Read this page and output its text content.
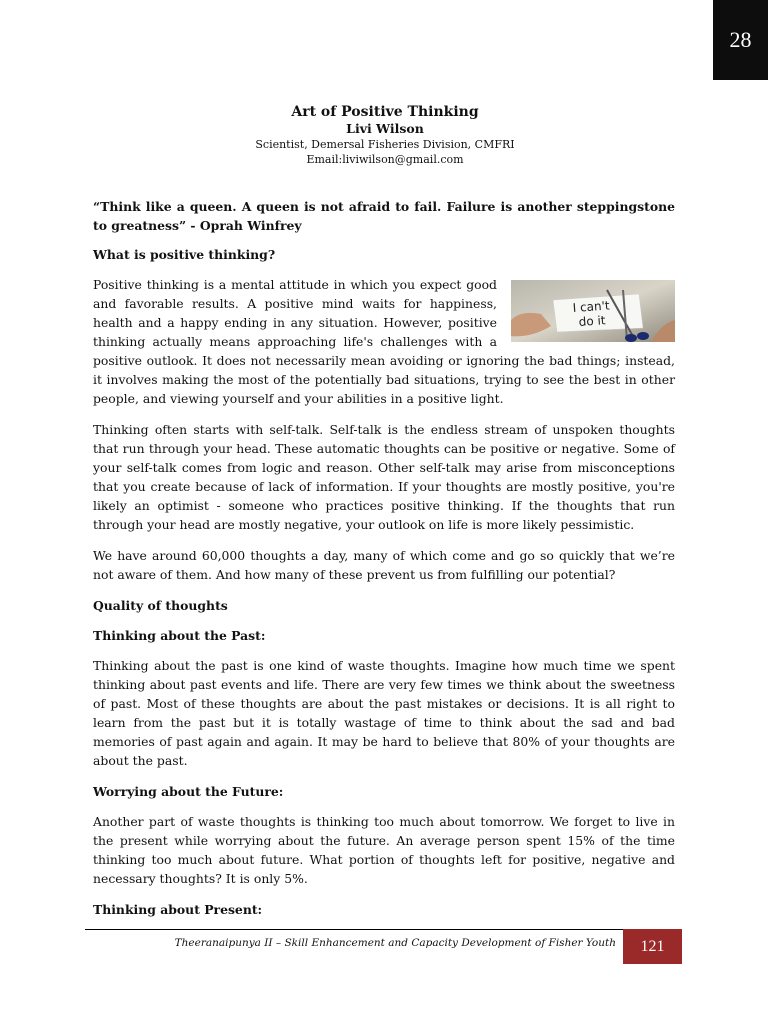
28
Art of Positive Thinking
Livi Wilson
Scientist, Demersal Fisheries Division, CMFRI
Email:liviwilson@gmail.com

“Think like a queen. A queen is not afraid to fail. Failure is another steppingstone to greatness” - Oprah Winfrey

What is positive thinking?

I can't
do it

Positive thinking is a mental attitude in which you expect good and favorable results. A positive mind waits for happiness, health and a happy ending in any situation. However, positive thinking actually means approaching life's challenges with a positive outlook. It does not necessarily mean avoiding or ignoring the bad things; instead, it involves making the most of the potentially bad situations, trying to see the best in other people, and viewing yourself and your abilities in a positive light.

Thinking often starts with self-talk. Self-talk is the endless stream of unspoken thoughts that run through your head. These automatic thoughts can be positive or negative. Some of your self-talk comes from logic and reason. Other self-talk may arise from misconceptions that you create because of lack of information. If your thoughts are mostly positive, you're likely an optimist - someone who practices positive thinking. If the thoughts that run through your head are mostly negative, your outlook on life is more likely pessimistic.

We have around 60,000 thoughts a day, many of which come and go so quickly that we’re not aware of them. And how many of these prevent us from fulfilling our potential?

Quality of thoughts

Thinking about the Past:

Thinking about the past is one kind of waste thoughts. Imagine how much time we spent thinking about past events and life. There are very few times we think about the sweetness of past. Most of these thoughts are about the past mistakes or decisions. It is all right to learn from the past but it is totally wastage of time to think about the sad and bad memories of past again and again. It may be hard to believe that 80% of your thoughts are about the past.

Worrying about the Future:

Another part of waste thoughts is thinking too much about tomorrow. We forget to live in the present while worrying about the future. An average person spent 15% of the time thinking too much about future. What portion of thoughts left for positive, negative and necessary thoughts? It is only 5%.

Thinking about Present:

Theeranaipunya II – Skill Enhancement and Capacity Development of Fisher Youth 121
